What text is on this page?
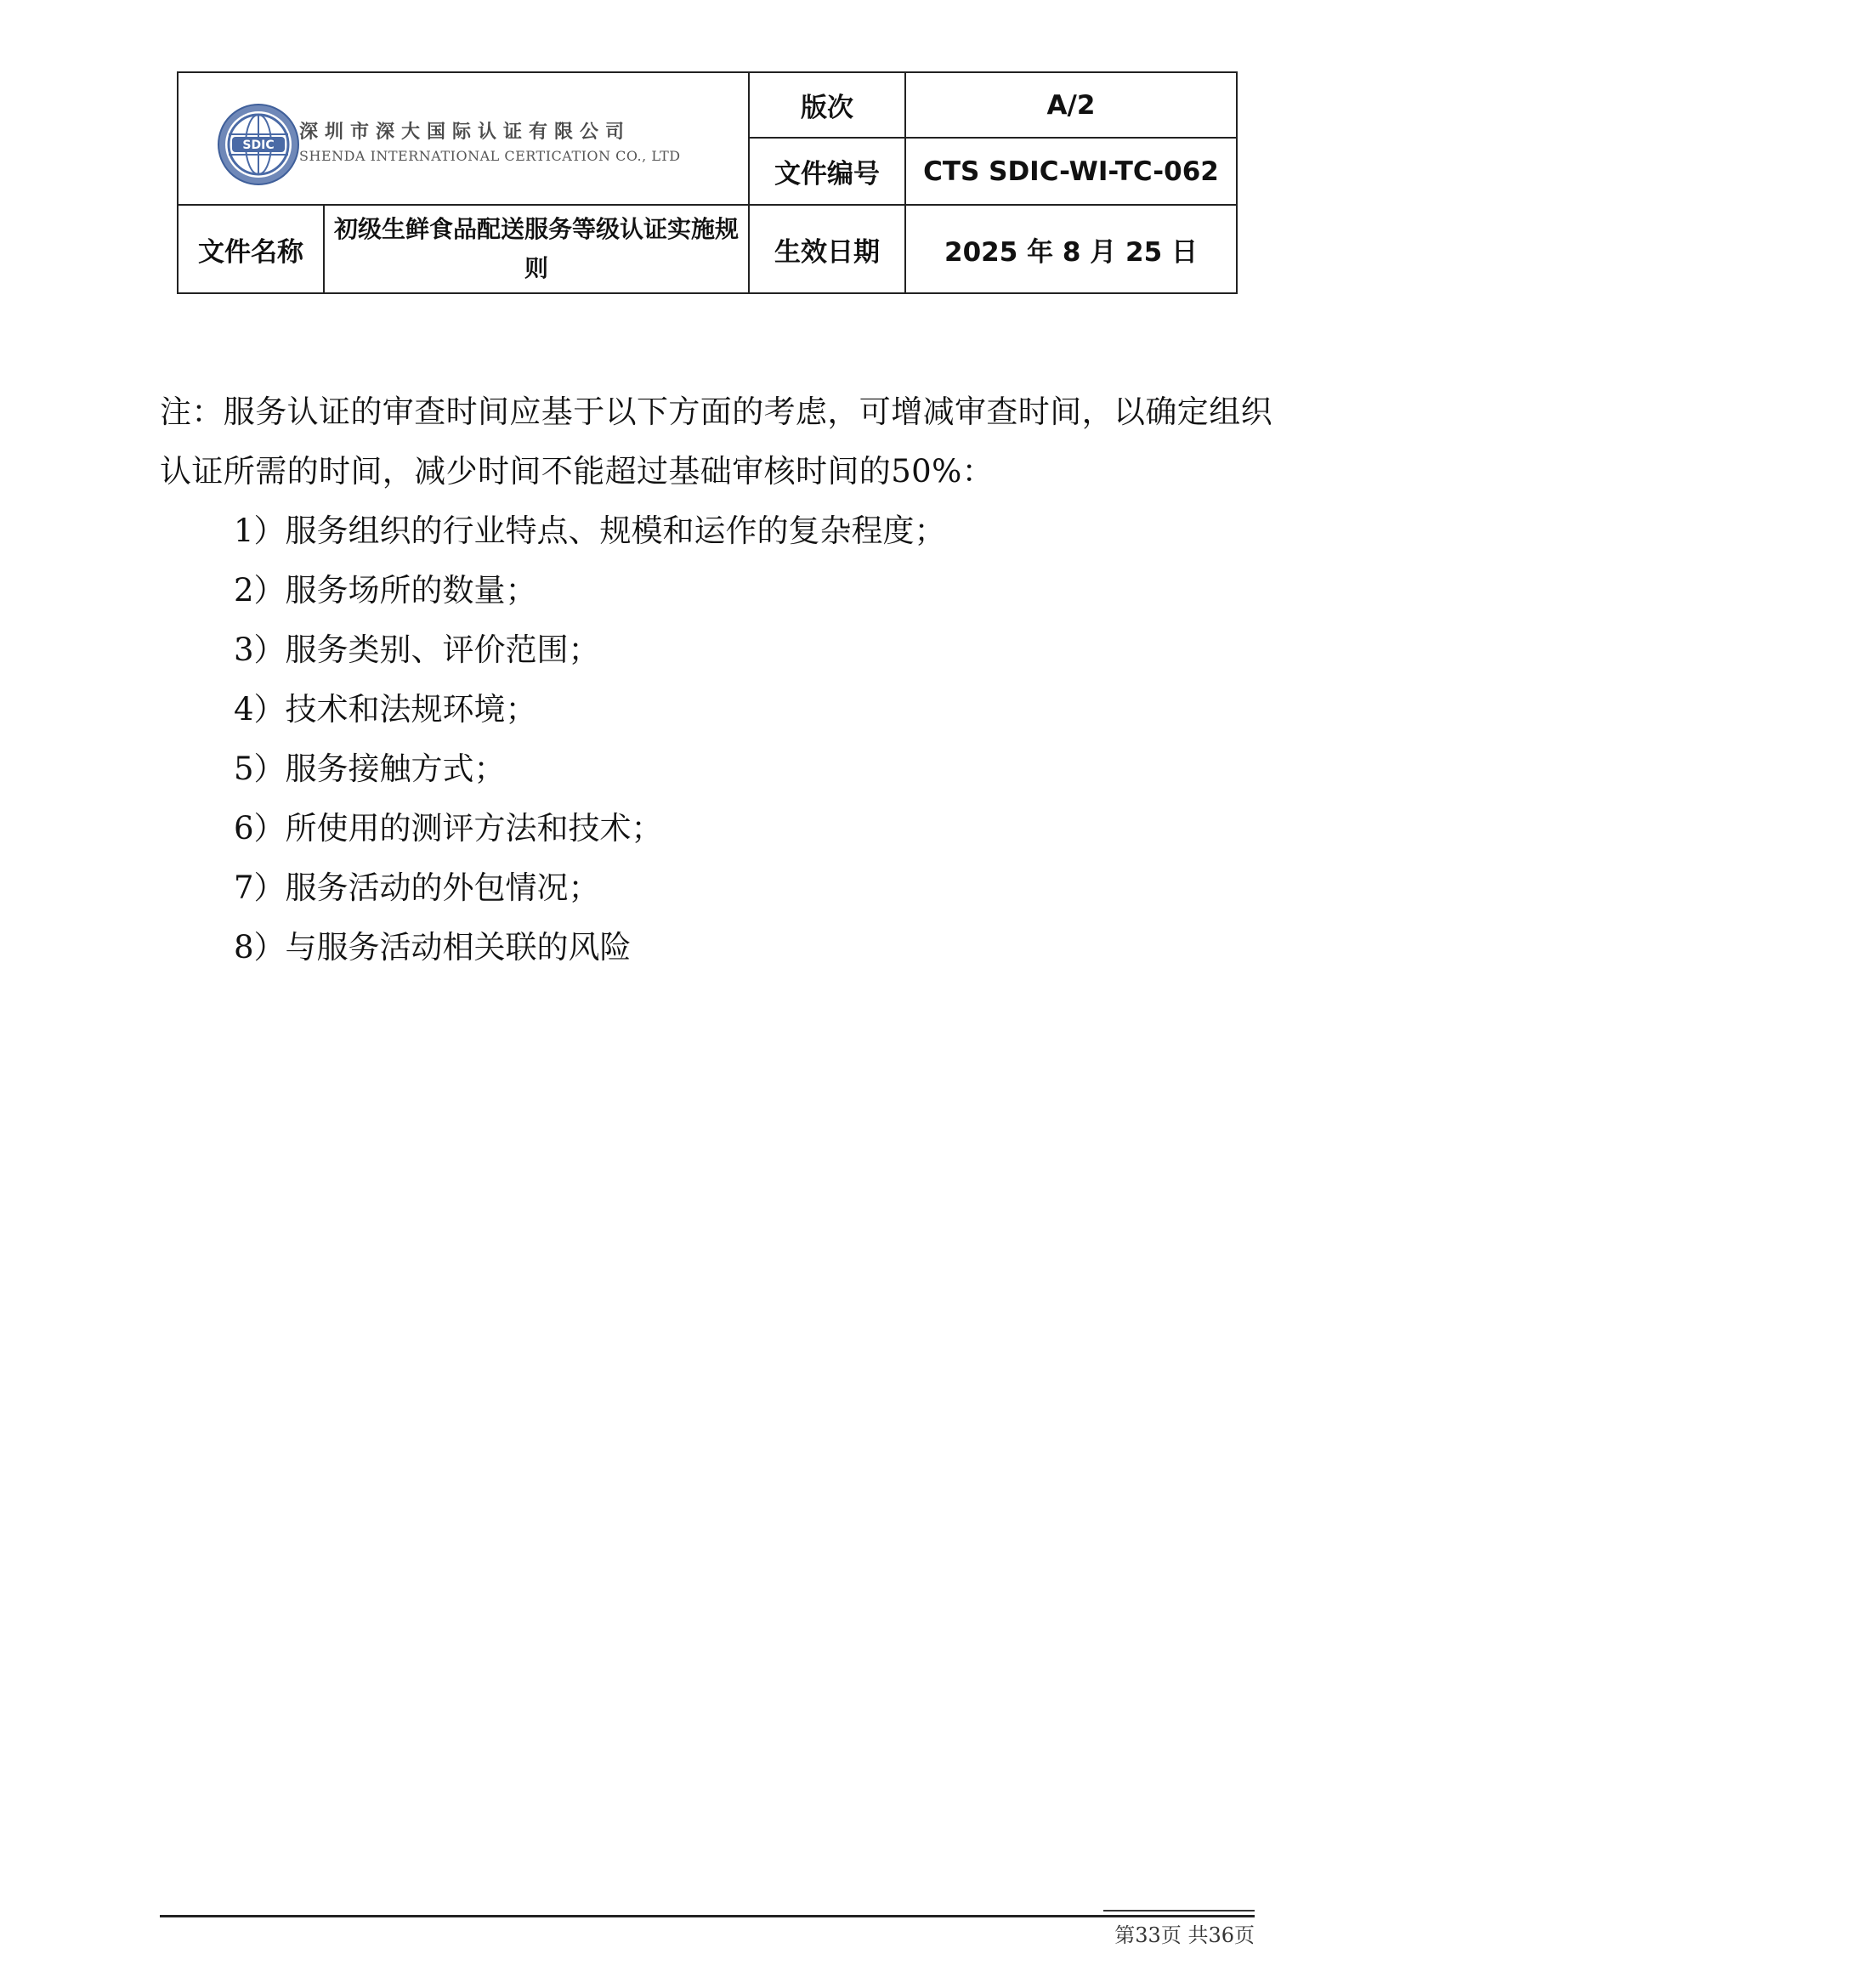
SDIC
深圳市深大国际认证有限公司
SHENDA INTERNATIONAL CERTICATION CO., LTD		版次	A/2
		文件编号	CTS SDIC-WI-TC-062
文件名称	初级生鲜食品配送服务等级认证实施规则	生效日期	2025 年 8 月 25 日

注：服务认证的审查时间应基于以下方面的考虑，可增减审查时间，以确定组织认证所需的时间，减少时间不能超过基础审核时间的50%：

1）服务组织的行业特点、规模和运作的复杂程度；
2）服务场所的数量；
3）服务类别、评价范围；
4）技术和法规环境；
5）服务接触方式；
6）所使用的测评方法和技术；
7）服务活动的外包情况；
8）与服务活动相关联的风险
第33页 共36页
